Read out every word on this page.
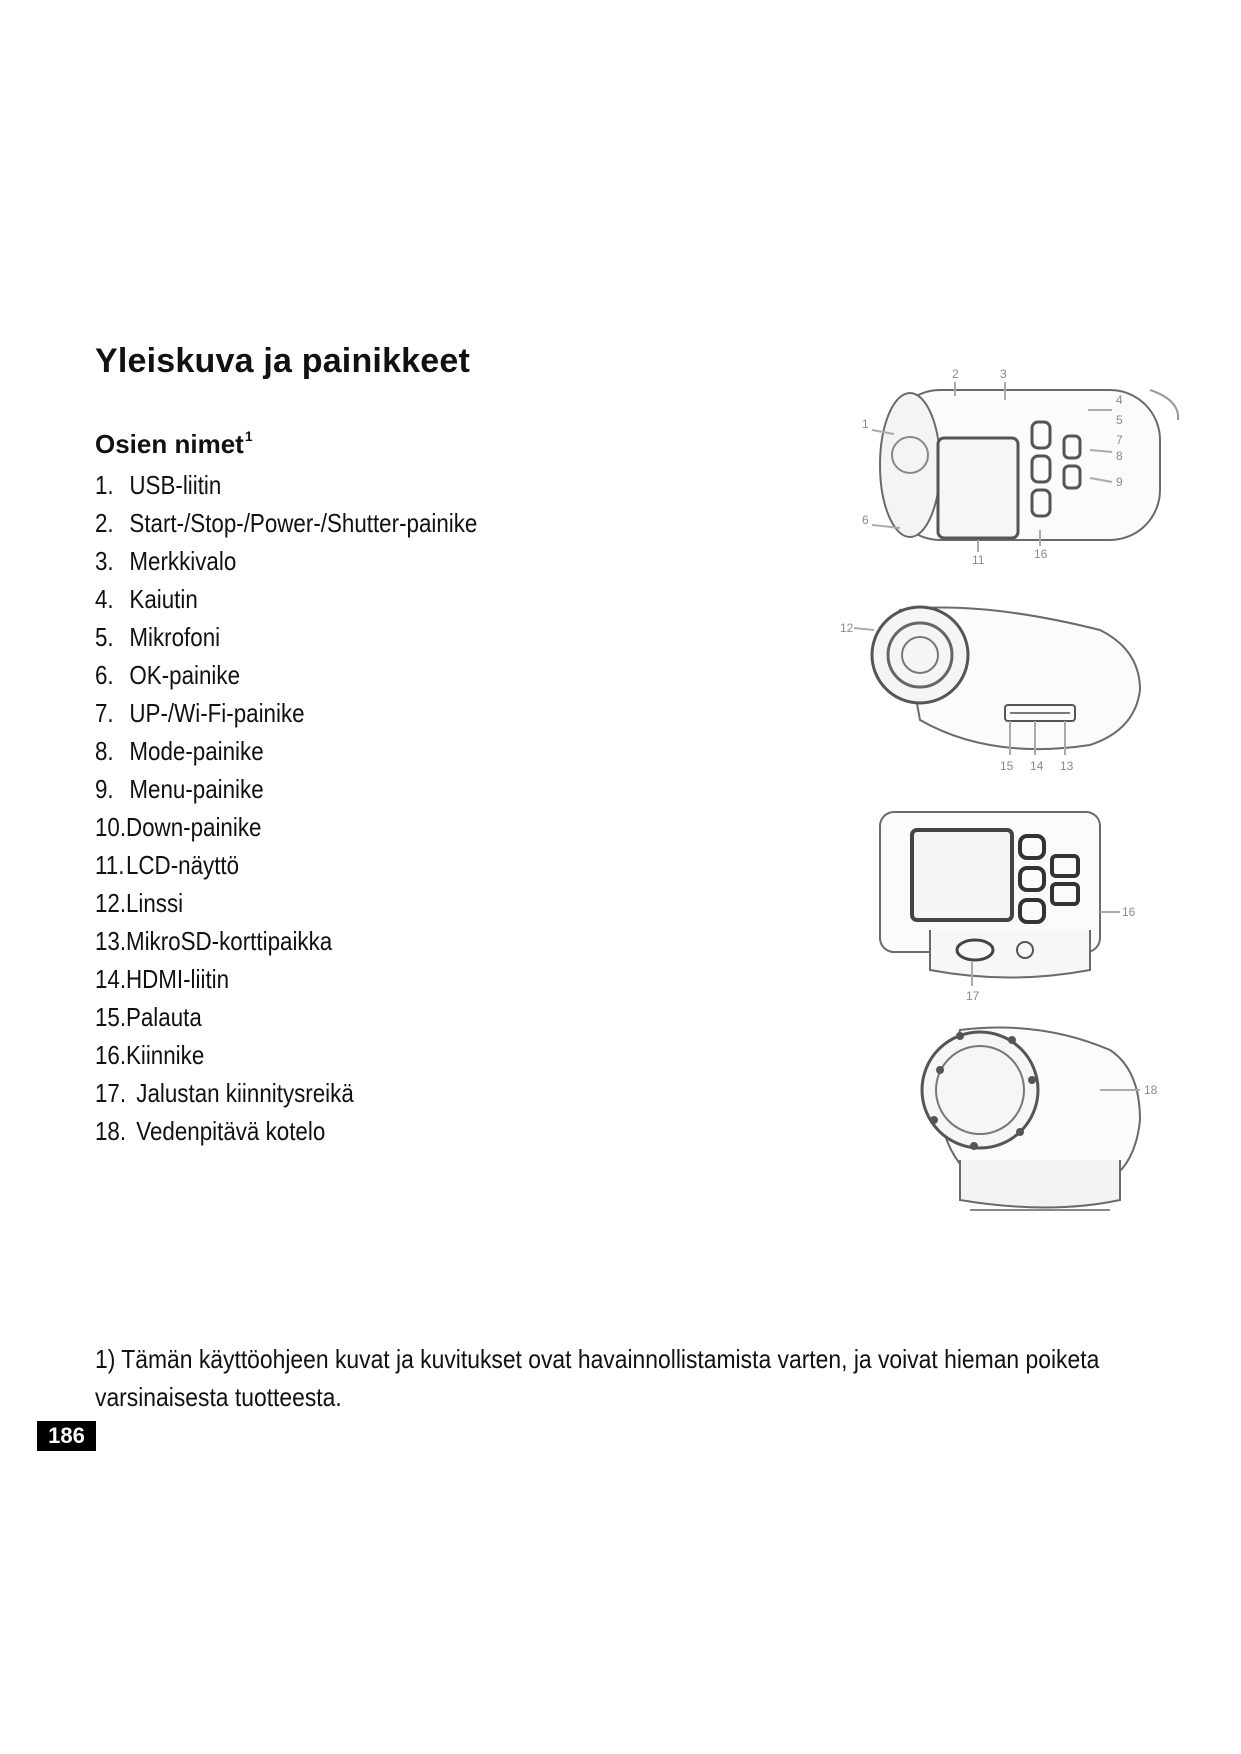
Yleiskuva ja painikkeet
Osien nimet$^1$
1. USB-liitin
2. Start-/Stop-/Power-/Shutter-painike
3. Merkkivalo
4. Kaiutin
5. Mikrofoni
6. OK-painike
7. UP-/Wi-Fi-painike
8. Mode-painike
9. Menu-painike
10.Down-painike
11.LCD-näyttö
12.Linssi
13.MikroSD-korttipaikka
14.HDMI-liitin
15.Palauta
16.Kiinnike
17. Jalustan kiinnitysreikä
18. Vedenpitävä kotelo
2	3
1
4
5
6
7
8
9
11	16
12
15 14 13
16
17
18
1) Tämän käyttöohjeen kuvat ja kuvitukset ovat havainnollistamista varten, ja voivat hieman poiketa
varsinaisesta tuotteesta.
186
